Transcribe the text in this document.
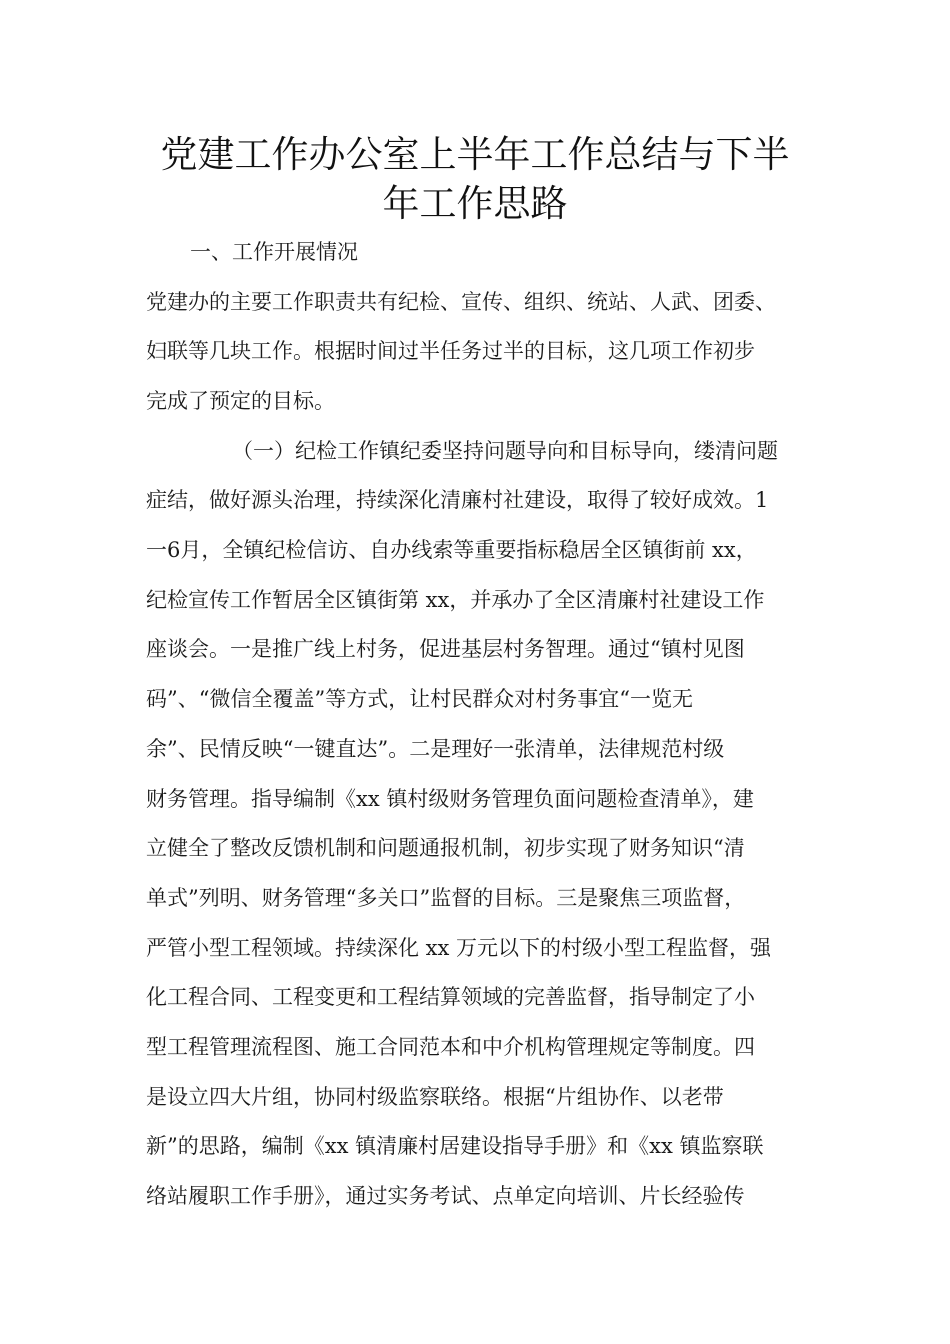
党建工作办公室上半年工作总结与下半
年工作思路

一、工作开展情况

党建办的主要工作职责共有纪检、宣传、组织、统站、人武、团委、

妇联等几块工作。根据时间过半任务过半的目标，这几项工作初步

完成了预定的目标。

（一）纪检工作镇纪委坚持问题导向和目标导向，缕清问题

症结，做好源头治理，持续深化清廉村社建设，取得了较好成效。1

一6月，全镇纪检信访、自办线索等重要指标稳居全区镇街前 xx，

纪检宣传工作暂居全区镇街第 xx，并承办了全区清廉村社建设工作

座谈会。一是推广线上村务，促进基层村务智理。通过“镇村见图

码”、“微信全覆盖”等方式，让村民群众对村务事宜“一览无

余”、民情反映“一键直达”。二是理好一张清单，法律规范村级

财务管理。指导编制《xx 镇村级财务管理负面问题检查清单》，建

立健全了整改反馈机制和问题通报机制，初步实现了财务知识“清

单式”列明、财务管理“多关口”监督的目标。三是聚焦三项监督，

严管小型工程领域。持续深化 xx 万元以下的村级小型工程监督，强

化工程合同、工程变更和工程结算领域的完善监督，指导制定了小

型工程管理流程图、施工合同范本和中介机构管理规定等制度。四

是设立四大片组，协同村级监察联络。根据“片组协作、以老带

新”的思路，编制《xx 镇清廉村居建设指导手册》和《xx 镇监察联

络站履职工作手册》，通过实务考试、点单定向培训、片长经验传
